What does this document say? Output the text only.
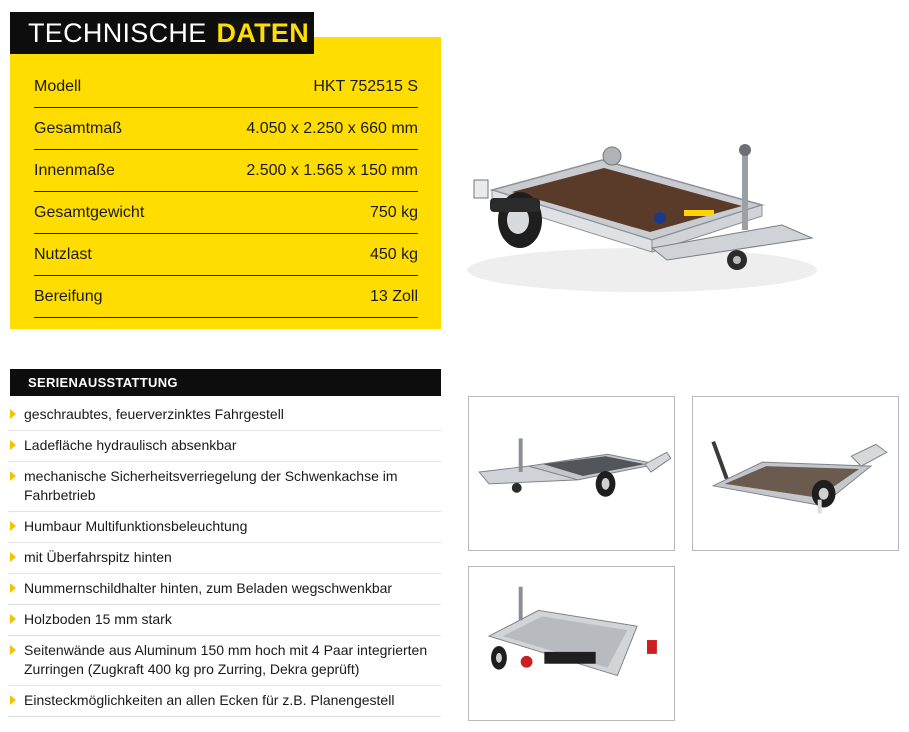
TECHNISCHE DATEN
Modell	HKT 752515 S
Gesamtmaß	4.050 x 2.250 x 660 mm
Innenmaße	2.500 x 1.565 x 150 mm
Gesamtgewicht	750 kg
Nutzlast	450 kg
Bereifung	13 Zoll
SERIENAUSSTATTUNG
geschraubtes, feuerverzinktes Fahrgestell
Ladefläche hydraulisch absenkbar
mechanische Sicherheitsverriegelung der Schwenkachse im Fahrbetrieb
Humbaur Multifunktionsbeleuchtung
mit Überfahrspitz hinten
Nummernschildhalter hinten, zum Beladen wegschwenkbar
Holzboden 15 mm stark
Seitenwände aus Aluminum 150 mm hoch mit 4 Paar integrierten Zurringen (Zugkraft 400 kg pro Zurring, Dekra geprüft)
Einsteckmöglichkeiten an allen Ecken für z.B. Planengestell
